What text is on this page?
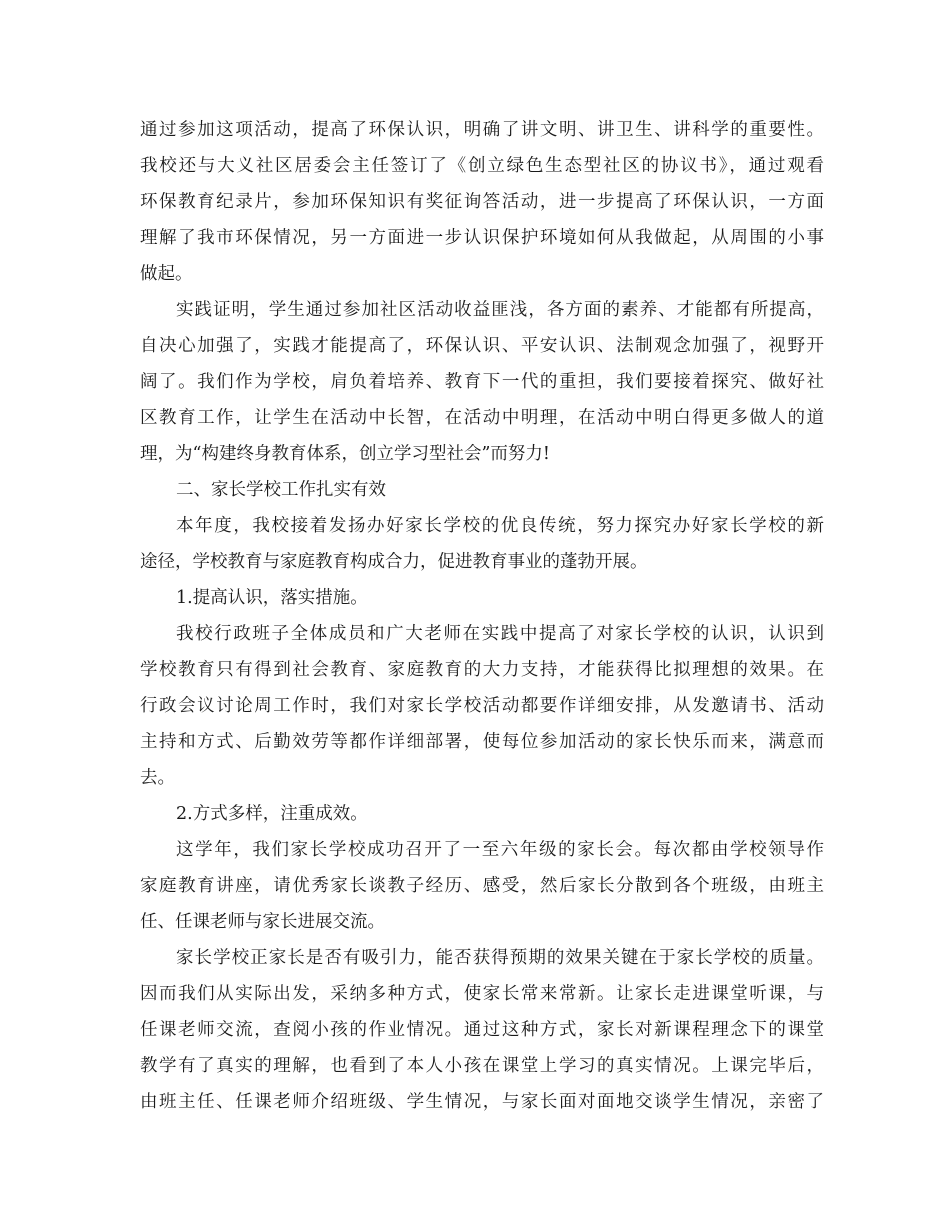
通过参加这项活动，提高了环保认识，明确了讲文明、讲卫生、讲科学的重要性。
我校还与大义社区居委会主任签订了《创立绿色生态型社区的协议书》，通过观看
环保教育纪录片，参加环保知识有奖征询答活动，进一步提高了环保认识，一方面
理解了我市环保情况，另一方面进一步认识保护环境如何从我做起，从周围的小事
做起。
实践证明，学生通过参加社区活动收益匪浅，各方面的素养、才能都有所提高，
自决心加强了，实践才能提高了，环保认识、平安认识、法制观念加强了，视野开
阔了。我们作为学校，肩负着培养、教育下一代的重担，我们要接着探究、做好社
区教育工作，让学生在活动中长智，在活动中明理，在活动中明白得更多做人的道
理，为“构建终身教育体系，创立学习型社会”而努力!
二、家长学校工作扎实有效
本年度，我校接着发扬办好家长学校的优良传统，努力探究办好家长学校的新
途径，学校教育与家庭教育构成合力，促进教育事业的蓬勃开展。
1.提高认识，落实措施。
我校行政班子全体成员和广大老师在实践中提高了对家长学校的认识，认识到
学校教育只有得到社会教育、家庭教育的大力支持，才能获得比拟理想的效果。在
行政会议讨论周工作时，我们对家长学校活动都要作详细安排，从发邀请书、活动
主持和方式、后勤效劳等都作详细部署，使每位参加活动的家长快乐而来，满意而
去。
2.方式多样，注重成效。
这学年，我们家长学校成功召开了一至六年级的家长会。每次都由学校领导作
家庭教育讲座，请优秀家长谈教子经历、感受，然后家长分散到各个班级，由班主
任、任课老师与家长进展交流。
家长学校正家长是否有吸引力，能否获得预期的效果关键在于家长学校的质量。
因而我们从实际出发，采纳多种方式，使家长常来常新。让家长走进课堂听课，与
任课老师交流，查阅小孩的作业情况。通过这种方式，家长对新课程理念下的课堂
教学有了真实的理解，也看到了本人小孩在课堂上学习的真实情况。上课完毕后，
由班主任、任课老师介绍班级、学生情况，与家长面对面地交谈学生情况，亲密了
